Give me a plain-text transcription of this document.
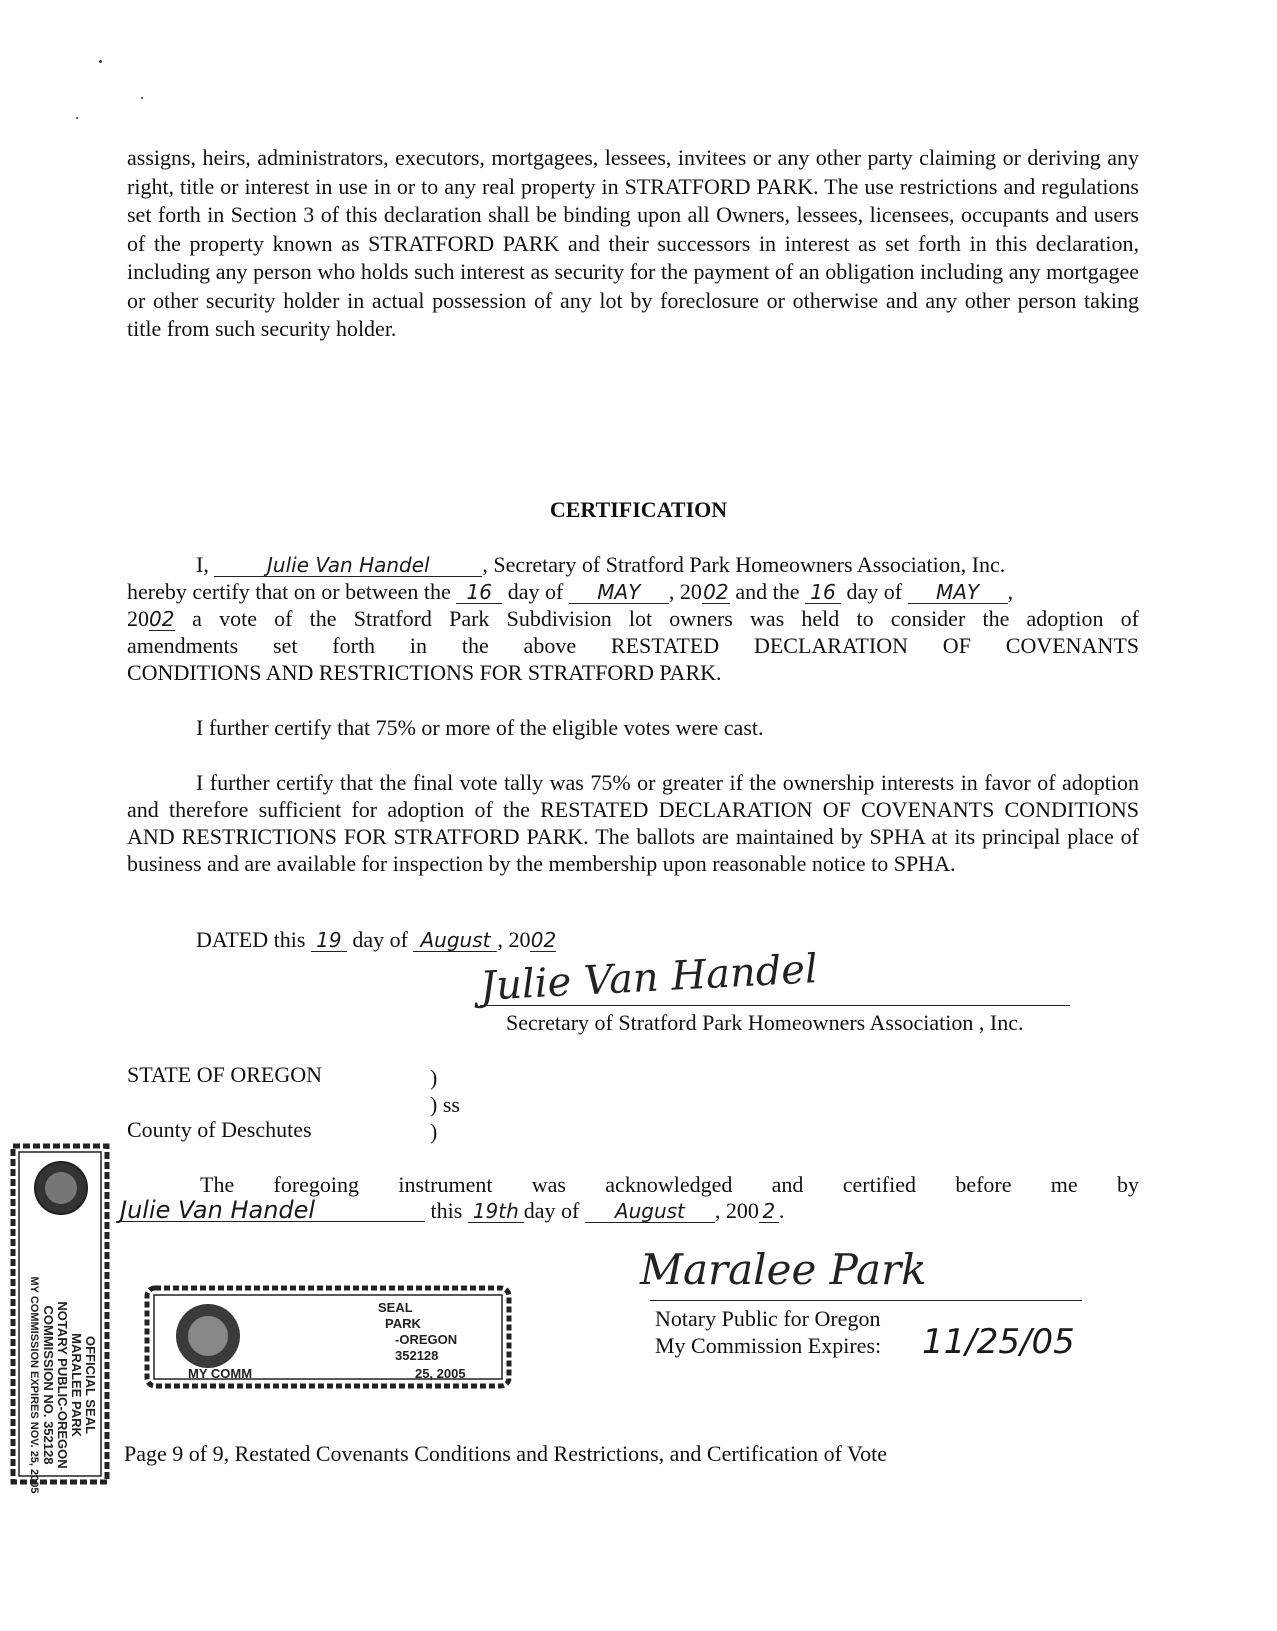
assigns, heirs, administrators, executors, mortgagees, lessees, invitees or any other party claiming or deriving any right, title or interest in use in or to any real property in STRATFORD PARK. The use restrictions and regulations set forth in Section 3 of this declaration shall be binding upon all Owners, lessees, licensees, occupants and users of the property known as STRATFORD PARK and their successors in interest as set forth in this declaration, including any person who holds such interest as security for the payment of an obligation including any mortgagee or other security holder in actual possession of any lot by foreclosure or otherwise and any other person taking title from such security holder.

CERTIFICATION
I,	Julie Van Handel , Secretary of Stratford Park Homeowners Association, Inc.
hereby certify that on or between the 16 day of MAY , 2002 and the 16 day of MAY ,
2002 a vote of the Stratford Park Subdivision lot owners was held to consider the adoption of
amendments set forth in the above RESTATED DECLARATION OF COVENANTS
CONDITIONS AND RESTRICTIONS FOR STRATFORD PARK.
I further certify that 75% or more of the eligible votes were cast.

I further certify that the final vote tally was 75% or greater if the ownership interests in favor of adoption and therefore sufficient for adoption of the RESTATED DECLARATION OF COVENANTS CONDITIONS AND RESTRICTIONS FOR STRATFORD PARK. The ballots are maintained by SPHA at its principal place of business and are available for inspection by the membership upon reasonable notice to SPHA.

DATED this 19 day of August , 2002
Julie Van Handel
Secretary of Stratford Park Homeowners Association , Inc.
STATE OF OREGON	)
) ss
County of Deschutes	)
The foregoing instrument was acknowledged and certified before me by
Julie Van Handel	this 19th day of August , 200 2 .
Maralee Park
Notary Public for Oregon
My Commission Expires: 11/25/05
OFFICIAL SEAL
MARALEE PARK
NOTARY PUBLIC-OREGON
COMMISSION NO. 352128
MY COMMISSION EXPIRES NOV. 25, 2005	SEAL
PARK
-OREGON
352128
MY COMM	25, 2005
Page 9 of 9, Restated Covenants Conditions and Restrictions, and Certification of Vote
